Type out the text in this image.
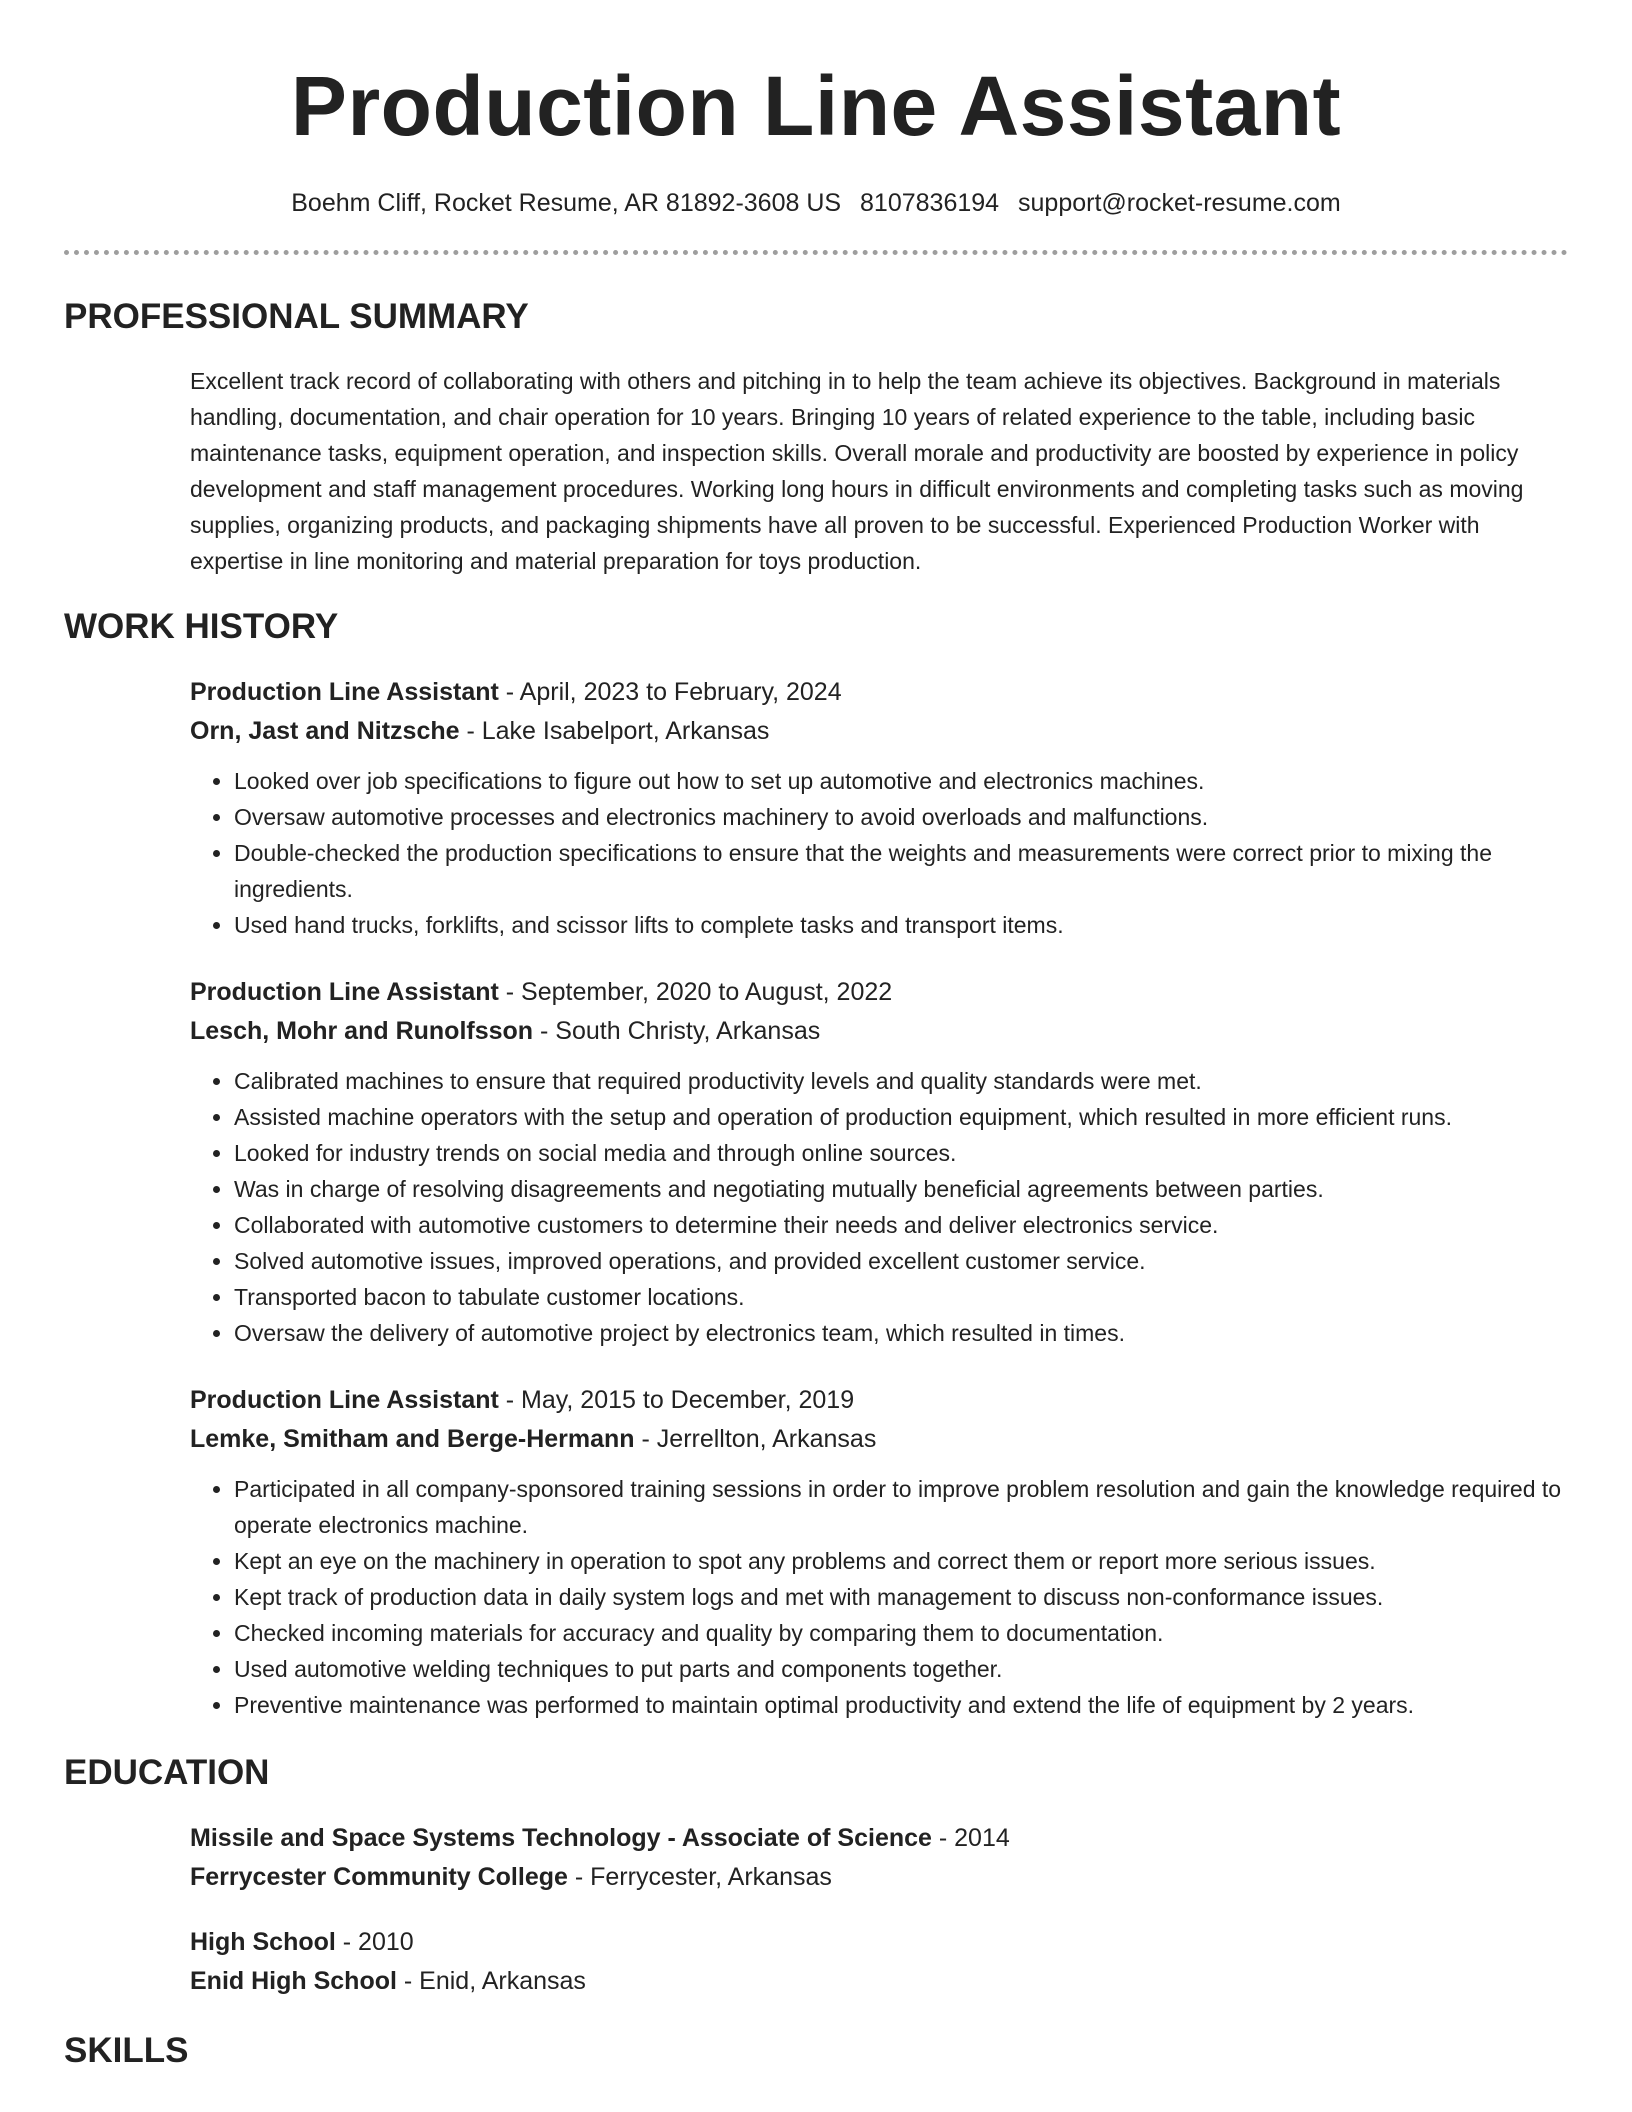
Production Line Assistant
Boehm Cliff, Rocket Resume, AR 81892-3608 US 8107836194 support@rocket-resume.com
PROFESSIONAL SUMMARY
Excellent track record of collaborating with others and pitching in to help the team achieve its objectives. Background in materials handling, documentation, and chair operation for 10 years. Bringing 10 years of related experience to the table, including basic maintenance tasks, equipment operation, and inspection skills. Overall morale and productivity are boosted by experience in policy development and staff management procedures. Working long hours in difficult environments and completing tasks such as moving supplies, organizing products, and packaging shipments have all proven to be successful. Experienced Production Worker with expertise in line monitoring and material preparation for toys production.
WORK HISTORY
Production Line Assistant - April, 2023 to February, 2024
Orn, Jast and Nitzsche - Lake Isabelport, Arkansas
• Looked over job specifications to figure out how to set up automotive and electronics machines.
• Oversaw automotive processes and electronics machinery to avoid overloads and malfunctions.
• Double-checked the production specifications to ensure that the weights and measurements were correct prior to mixing the ingredients.
• Used hand trucks, forklifts, and scissor lifts to complete tasks and transport items.
Production Line Assistant - September, 2020 to August, 2022
Lesch, Mohr and Runolfsson - South Christy, Arkansas
• Calibrated machines to ensure that required productivity levels and quality standards were met.
• Assisted machine operators with the setup and operation of production equipment, which resulted in more efficient runs.
• Looked for industry trends on social media and through online sources.
• Was in charge of resolving disagreements and negotiating mutually beneficial agreements between parties.
• Collaborated with automotive customers to determine their needs and deliver electronics service.
• Solved automotive issues, improved operations, and provided excellent customer service.
• Transported bacon to tabulate customer locations.
• Oversaw the delivery of automotive project by electronics team, which resulted in times.
Production Line Assistant - May, 2015 to December, 2019
Lemke, Smitham and Berge-Hermann - Jerrellton, Arkansas
• Participated in all company-sponsored training sessions in order to improve problem resolution and gain the knowledge required to operate electronics machine.
• Kept an eye on the machinery in operation to spot any problems and correct them or report more serious issues.
• Kept track of production data in daily system logs and met with management to discuss non-conformance issues.
• Checked incoming materials for accuracy and quality by comparing them to documentation.
• Used automotive welding techniques to put parts and components together.
• Preventive maintenance was performed to maintain optimal productivity and extend the life of equipment by 2 years.
EDUCATION
Missile and Space Systems Technology - Associate of Science - 2014
Ferrycester Community College - Ferrycester, Arkansas
High School - 2010
Enid High School - Enid, Arkansas
SKILLS
